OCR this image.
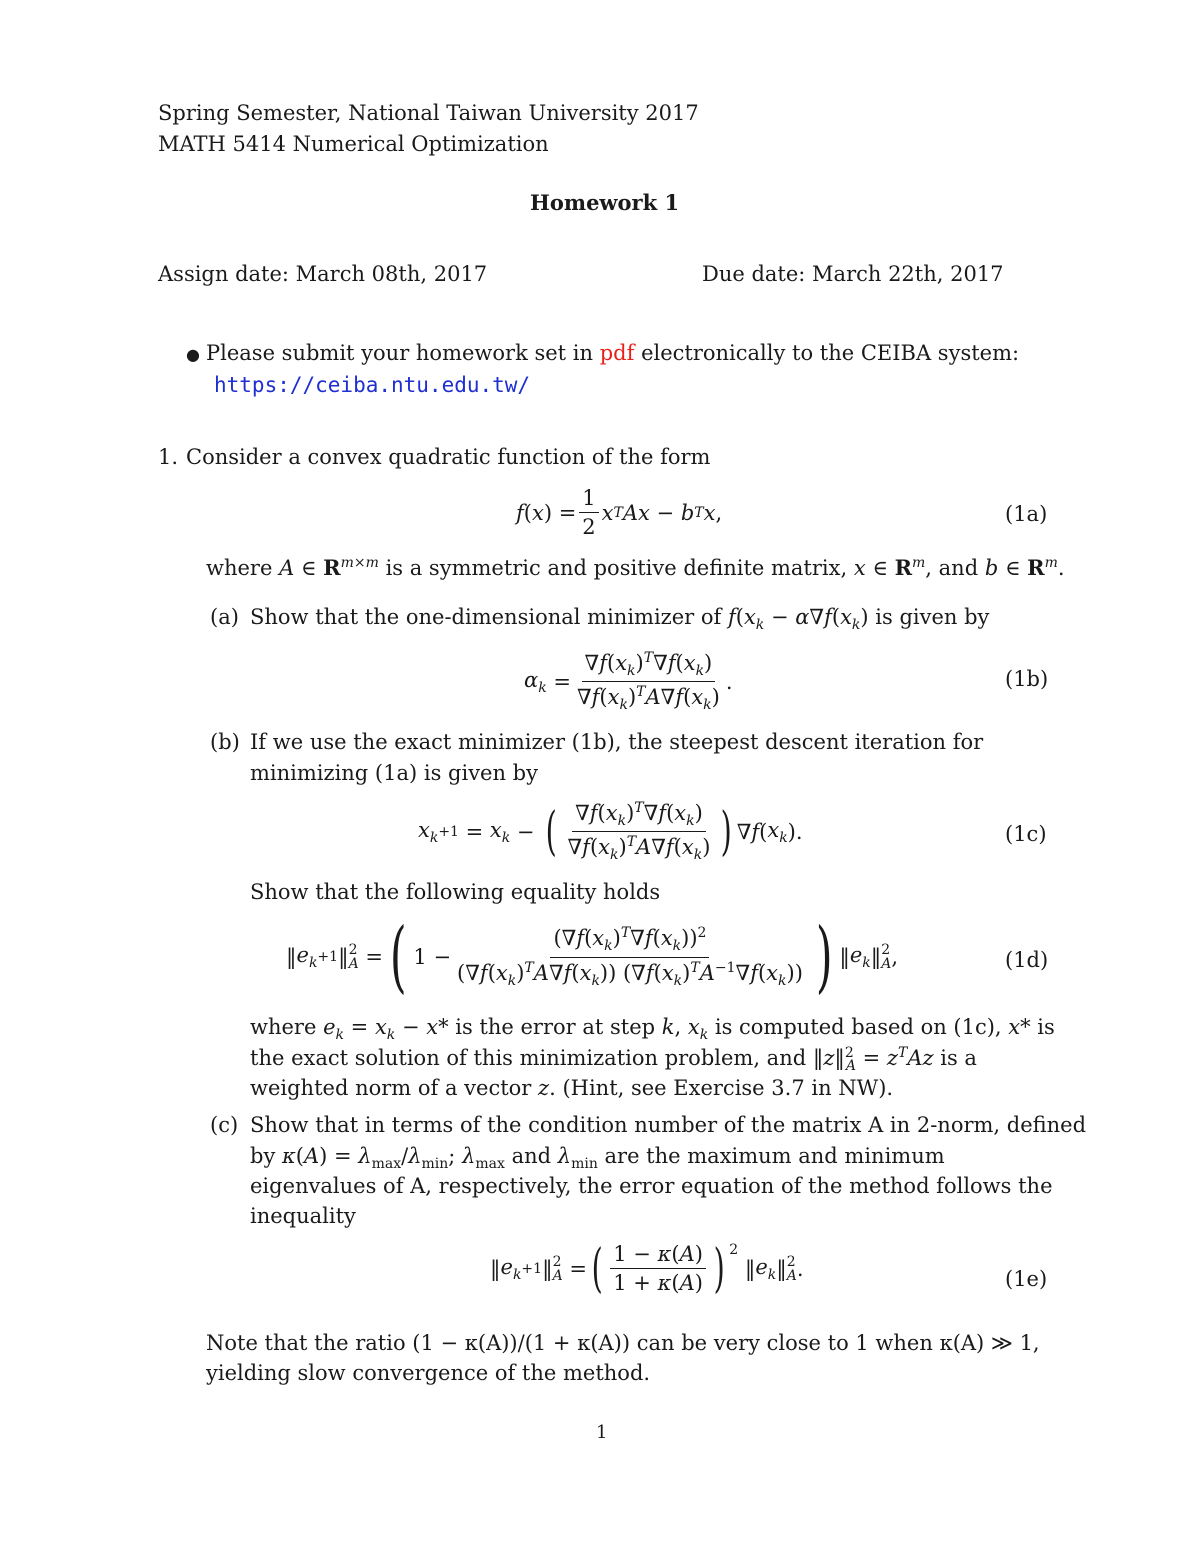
Spring Semester, National Taiwan University 2017
MATH 5414 Numerical Optimization
Homework 1
Assign date: March 08th, 2017	Due date: March 22th, 2017
● Please submit your homework set in pdf electronically to the CEIBA system:
https://ceiba.ntu.edu.tw/
1. Consider a convex quadratic function of the form
f ( x ) = $\frac{1}{2}$ x T Ax − b T x ,	(1a)
where A ∈ $R^{m\times m}$ is a symmetric and positive definite matrix, x ∈ $R^m$, and b ∈ $R^m$.
(a) Show that the one-dimensional minimizer of $f(x_k - \alpha\nabla f(x_k)$ is given by
$\alpha_k = \frac{\nabla f(x_k)^T\nabla f(x_k)}{\nabla f(x_k)^TA\nabla f(x_k)}$ .	(1b)
(b) If we use the exact minimizer (1b), the steepest descent iteration for
minimizing (1a) is given by
$x_k +1 = x_k$ − ( $\frac{\nabla f(x_k)^T\nabla f(x_k)}{\nabla f(x_k)^TA\nabla f(x_k)}$ ) ∇ f ( $x_k$ ).	(1c)
Show that the following equality holds
‖ $e_k +1$ ‖ 2
A = ( $1 - \frac{(\nabla f(x_k)^T\nabla f(x_k))^2}{(\nabla f(x_k)^TA\nabla f(x_k)) (\nabla f(x_k)^TA^{-1}\nabla f(x_k))}$ ) ‖ $e_k$ ‖ 2
A ,	(1d)
where $e_k = x_k - x*$ is the error at step k, $x_k$ is computed based on (1c), x* is
the exact solution of this minimization problem, and ‖z‖$^2_A$ = $z^TAz$ is a
weighted norm of a vector z. (Hint, see Exercise 3.7 in NW).
(c) Show that in terms of the condition number of the matrix A in 2-norm, defined
by $\kappa(A) = \lambda_{max}/\lambda_{min}$; $\lambda_{max}$ and $\lambda_{min}$ are the maximum and minimum
eigenvalues of A, respectively, the error equation of the method follows the
inequality
‖ $e_k +1$ ‖ 2
A = ( $\frac{1 - \kappa(A)}{1 + \kappa(A)}$ ) $^2$
‖ $e_k$ ‖ 2
A .	(1e)
Note that the ratio (1 − κ(A))/(1 + κ(A)) can be very close to 1 when κ(A) ≫ 1,
yielding slow convergence of the method.
1
